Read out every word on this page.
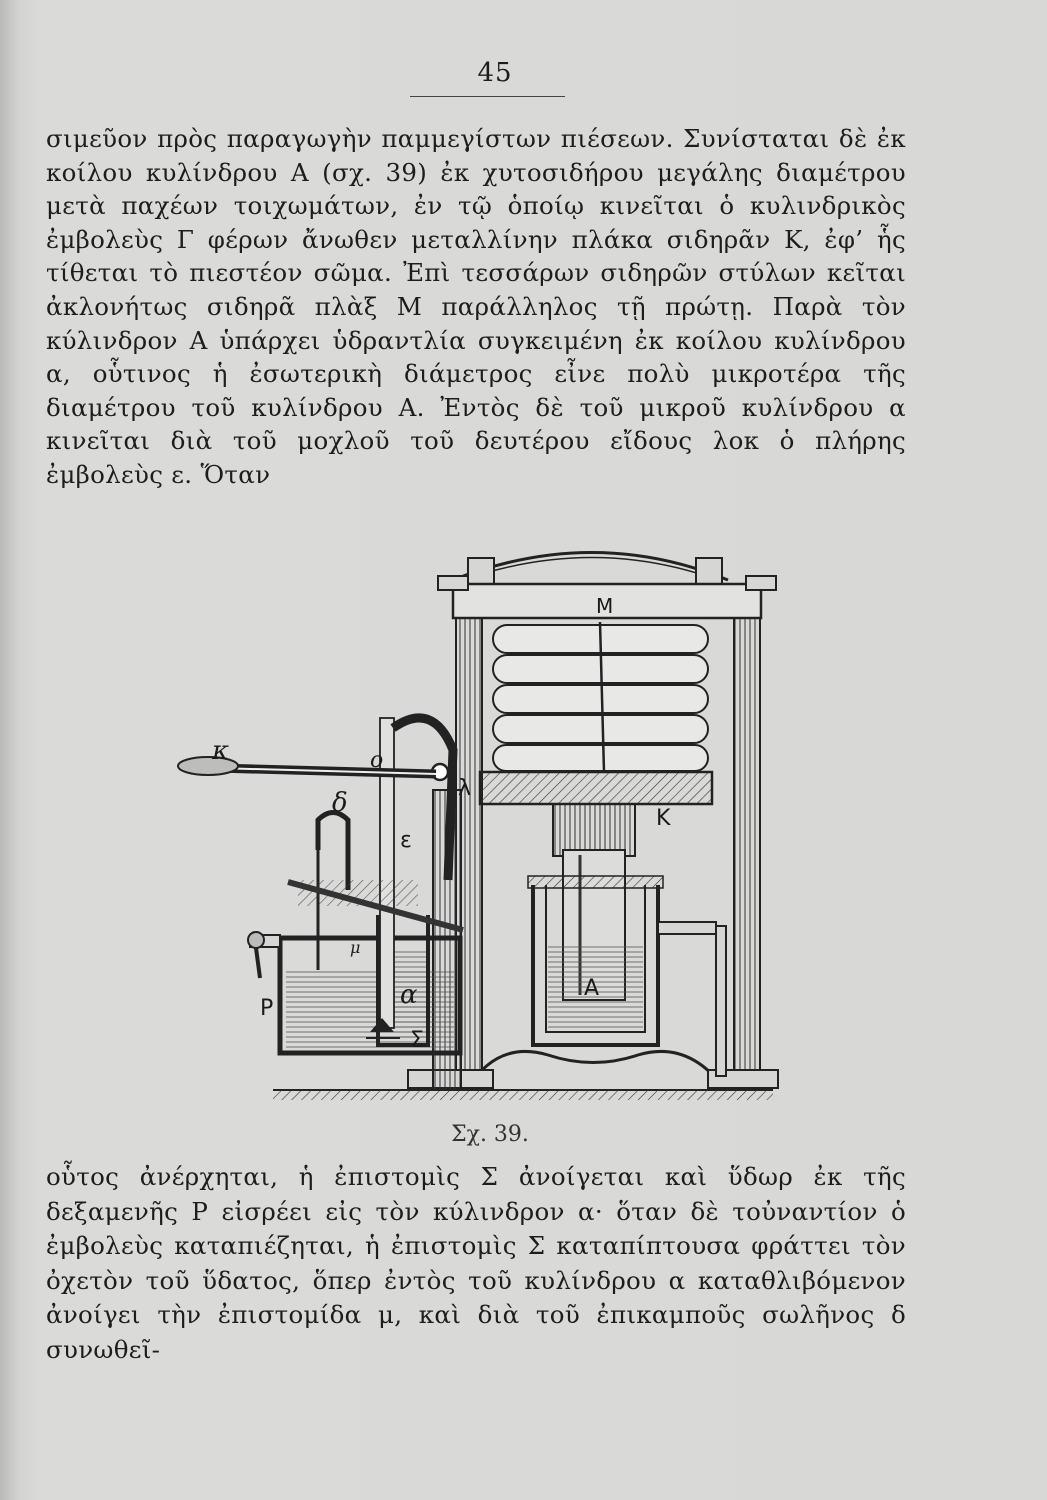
45

σιμεῦον πρὸς παραγωγὴν παμμεγίστων πιέσεων. Συνίσταται δὲ ἐκ κοίλου κυλίνδρου Α (σχ. 39) ἐκ χυτοσιδήρου μεγάλης διαμέτρου μετὰ παχέων τοιχωμάτων, ἐν τῷ ὁποίῳ κινεῖται ὁ κυλινδρικὸς ἐμβολεὺς Γ φέρων ἄνωθεν μεταλλίνην πλάκα σιδηρᾶν Κ, ἐφ’ ἧς τίθεται τὸ πιεστέον σῶμα. Ἐπὶ τεσσάρων σιδηρῶν στύλων κεῖται ἀκλονήτως σιδηρᾶ πλὰξ Μ παράλληλος τῇ πρώτῃ. Παρὰ τὸν κύλινδρον Α ὑπάρχει ὑδραντλία συγκειμένη ἐκ κοίλου κυλίνδρου α, οὗτινος ἡ ἐσωτερικὴ διάμετρος εἶνε πολὺ μικροτέρα τῆς διαμέτρου τοῦ κυλίνδρου Α. Ἐντὸς δὲ τοῦ μικροῦ κυλίνδρου α κινεῖται διὰ τοῦ μοχλοῦ τοῦ δευτέρου εἴδους λοκ ὁ πλήρης ἐμβολεὺς ε. Ὅταν

M
K
A
P
Σ
α
ε
δ	λ
o
κ
μ
Σχ. 39.

οὗτος ἀνέρχηται, ἡ ἐπιστομὶς Σ ἀνοίγεται καὶ ὕδωρ ἐκ τῆς δεξαμενῆς Ρ εἰσρέει εἰς τὸν κύλινδρον α· ὅταν δὲ τοὐναντίον ὁ ἐμβολεὺς καταπιέζηται, ἡ ἐπιστομὶς Σ καταπίπτουσα φράττει τὸν ὀχετὸν τοῦ ὕδατος, ὅπερ ἐντὸς τοῦ κυλίνδρου α καταθλιβόμενον ἀνοίγει τὴν ἐπιστομίδα μ, καὶ διὰ τοῦ ἐπικαμποῦς σωλῆνος δ συνωθεῖ-
